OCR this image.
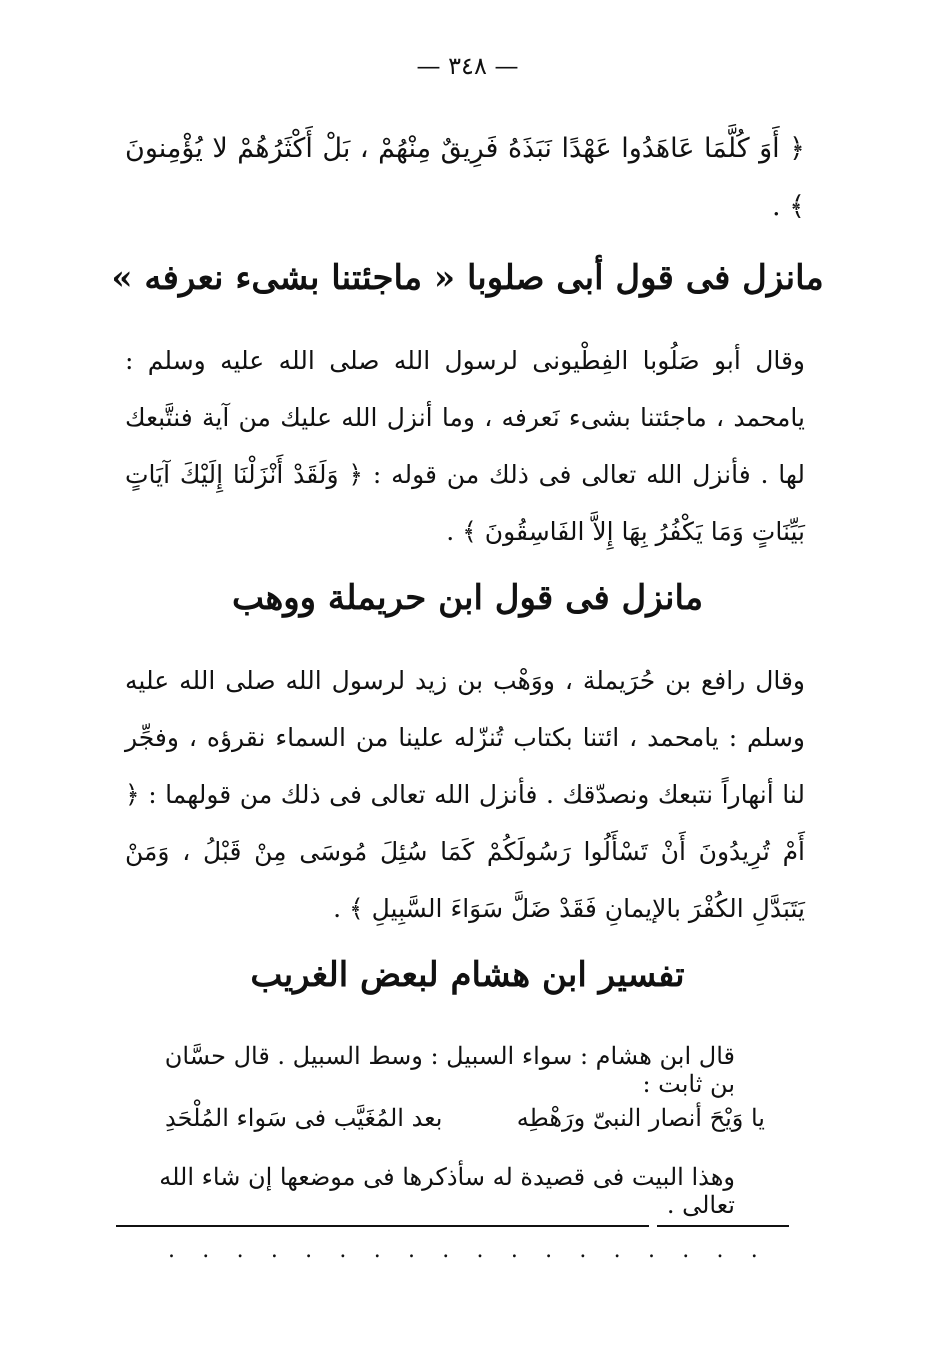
— ٣٤٨ —
﴿ أَوَ كُلَّمَا عَاهَدُوا عَهْدًا نَبَذَهُ فَرِيقٌ مِنْهُمْ ، بَلْ أَكْثَرُهُمْ لا يُؤْمِنونَ ﴾ .
مانزل فى قول أبى صلوبا « ماجئتنا بشىء نعرفه »
وقال أبو صَلُوبا الفِطْيونى لرسول الله صلى الله عليه وسلم : يامحمد ، ماجئتنا بشىء نَعرفه ، وما أنزل الله عليك من آية فنتَّبعك لها . فأنزل الله تعالى فى ذلك من قوله : ﴿ وَلَقَدْ أَنْزَلْنَا إِلَيْكَ آيَاتٍ بَيِّنَاتٍ وَمَا يَكْفُرُ بِهَا إِلاَّ الفَاسِقُونَ ﴾ .
مانزل فى قول ابن حريملة ووهب
وقال رافع بن حُرَيملة ، ووَهْب بن زيد لرسول الله صلى الله عليه وسلم : يامحمد ، ائتنا بكتاب تُنزّله علينا من السماء نقرؤه ، وفجِّر لنا أنهاراً نتبعك ونصدّقك . فأنزل الله تعالى فى ذلك من قولهما : ﴿ أَمْ تُرِيدُونَ أَنْ تَسْأَلُوا رَسُولَكُمْ كَمَا سُئِلَ مُوسَى مِنْ قَبْلُ ، وَمَنْ يَتَبَدَّلِ الكُفْرَ بالإيمانِ فَقَدْ ضَلَّ سَوَاءَ السَّبِيلِ ﴾ .
تفسير ابن هشام لبعض الغريب
قال ابن هشام : سواء السبيل : وسط السبيل . قال حسَّان بن ثابت :
يا وَيْحَ أنصار النبىّ ورَهْطِه
بعد المُغَيَّب فى سَواء المُلْحَدِ
وهذا البيت فى قصيدة له سأذكرها فى موضعها إن شاء الله تعالى .
. . . . . . . . . . . . . . . . . .
